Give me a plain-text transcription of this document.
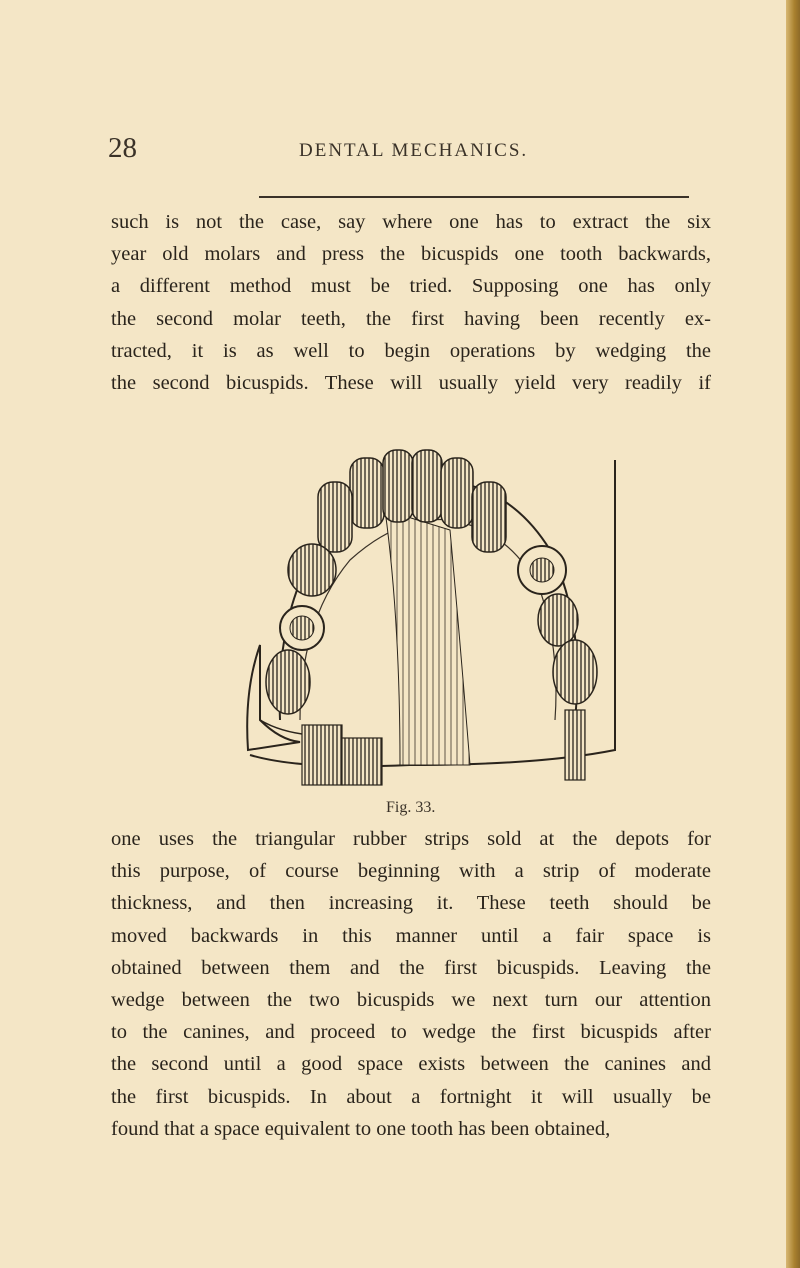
28	DENTAL MECHANICS.

such is not the case, say where one has to extract the six
year old molars and press the bicuspids one tooth backwards,
a different method must be tried. Supposing one has only
the second molar teeth, the first having been recently ex-
tracted, it is as well to begin operations by wedging the
the second bicuspids. These will usually yield very readily if

Fig. 33.

one uses the triangular rubber strips sold at the depots for
this purpose, of course beginning with a strip of moderate
thickness, and then increasing it. These teeth should be
moved backwards in this manner until a fair space is
obtained between them and the first bicuspids. Leaving the
wedge between the two bicuspids we next turn our attention
to the canines, and proceed to wedge the first bicuspids after
the second until a good space exists between the canines and
the first bicuspids. In about a fortnight it will usually be
found that a space equivalent to one tooth has been obtained,
